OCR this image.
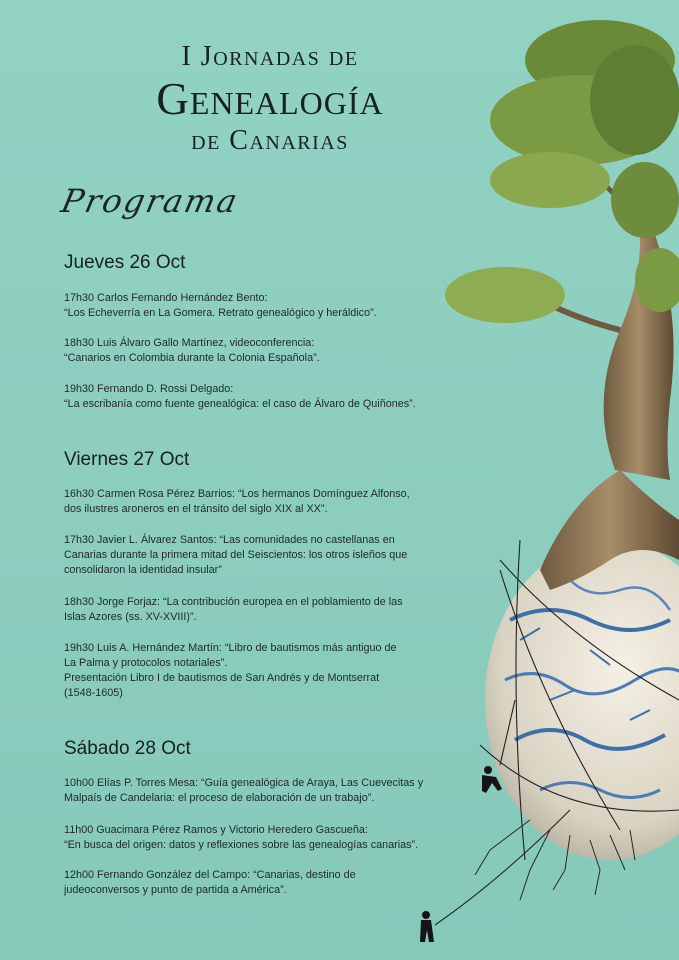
I Jornadas de
Genealogía
de Canarias
Programa
Jueves 26 Oct
17h30 Carlos Fernando Hernández Bento:
“Los Echeverría en La Gomera. Retrato genealógico y heráldico”.
18h30 Luis Álvaro Gallo Martínez, videoconferencia:
“Canarios en Colombia durante la Colonia Española”.
19h30 Fernando D. Rossi Delgado:
“La escribanía como fuente genealógica: el caso de Álvaro de Quiñones”.
Viernes 27 Oct
16h30 Carmen Rosa Pérez Barrios: “Los hermanos Domínguez Alfonso,
dos ilustres aroneros en el tránsito del siglo XIX al XX”.
17h30 Javier L. Álvarez Santos: “Las comunidades no castellanas en
Canarias durante la primera mitad del Seiscientos: los otros isleños que
consolidaron la identidad insular”
18h30 Jorge Forjaz: “La contribución europea en el poblamiento de las
Islas Azores (ss. XV-XVIII)”.
19h30 Luis A. Hernández Martín: “Libro de bautismos más antiguo de
La Palma y protocolos notariales”.
Presentación Libro I de bautismos de San Andrés y de Montserrat
(1548-1605)
Sábado 28 Oct
10h00 Elías P. Torres Mesa: “Guía genealógica de Araya, Las Cuevecitas y
Malpaís de Candelaria: el proceso de elaboración de un trabajo”.
11h00 Guacimara Pérez Ramos y Victorio Heredero Gascueña:
“En busca del origen: datos y reflexiones sobre las genealogías canarias”.
12h00 Fernando González del Campo: “Canarias, destino de
judeoconversos y punto de partida a América”.
